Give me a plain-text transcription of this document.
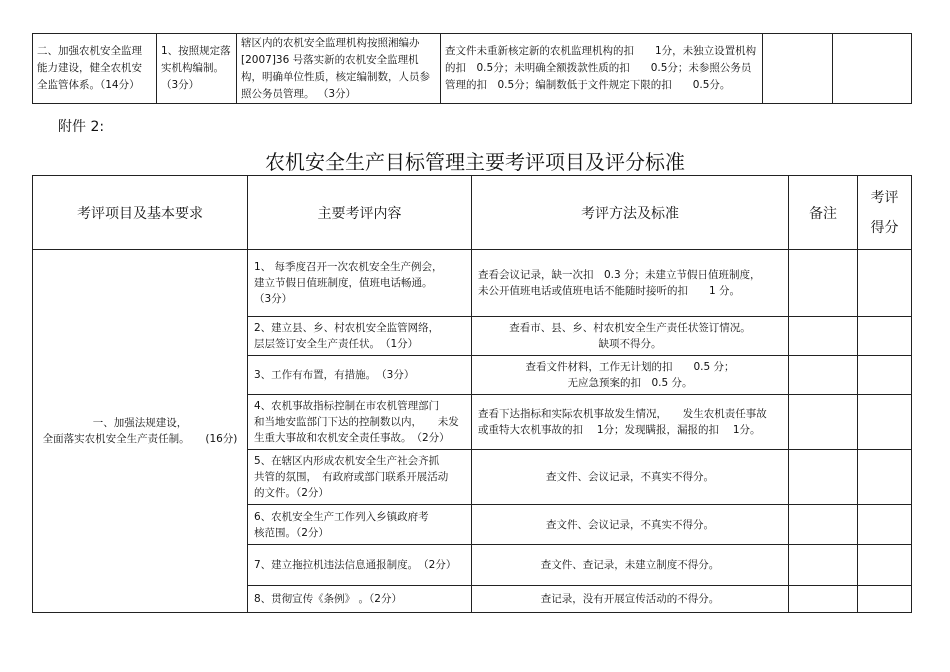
二、加强农机安全监理能力建设，健全农机安全监管体系。（14分）	1、按照规定落实机构编制。（3分）	辖区内的农机安全监理机构按照湘编办[2007]36 号落实新的农机安全监理机构，明确单位性质，核定编制数，人员参照公务员管理。 （3分）	查文件未重新核定新的农机监理机构的扣　　1分，未独立设置机构的扣　0.5分；未明确全额拨款性质的扣　　0.5分；未参照公务员管理的扣　0.5分；编制数低于文件规定下限的扣　　0.5分。		
附件 2:
农机安全生产目标管理主要考评项目及评分标准
考评项目及基本要求	主要考评内容	考评方法及标准	备注	考评
得分
一、加强法规建设，
全面落实农机安全生产责任制。　　(16分)	1、 每季度召开一次农机安全生产例会，
建立节假日值班制度，值班电话畅通。
（3分）	查看会议记录，缺一次扣　0.3 分；未建立节假日值班制度，
未公开值班电话或值班电话不能随时接听的扣　　1 分。		
	2、建立县、乡、村农机安全监管网络，
层层签订安全生产责任状。　（1分）	查看市、县、乡、村农机安全生产责任状签订情况。
缺项不得分。		
	3、工作有布置，有措施。　（3分）	查看文件材料，工作无计划的扣　　0.5 分；
无应急预案的扣　0.5 分。		
	4、农机事故指标控制在市农机管理部门
和当地安监部门下达的控制数以内，　　未发
生重大事故和农机安全责任事故。　（2分）	查看下达指标和实际农机事故发生情况，　　发生农机责任事故
或重特大农机事故的扣　 1分；发现瞒报，漏报的扣　 1分。		
	5、在辖区内形成农机安全生产社会齐抓
共管的氛围，　有政府或部门联系开展活动
的文件。（2分）	查文件、会议记录，不真实不得分。		
	6、农机安全生产工作列入乡镇政府考
核范围。（2分）	查文件、会议记录，不真实不得分。		
	7、建立拖拉机违法信息通报制度。　（2分）	查文件、查记录，未建立制度不得分。		
	8、贯彻宣传《条例》 。（2分）	查记录，没有开展宣传活动的不得分。		
